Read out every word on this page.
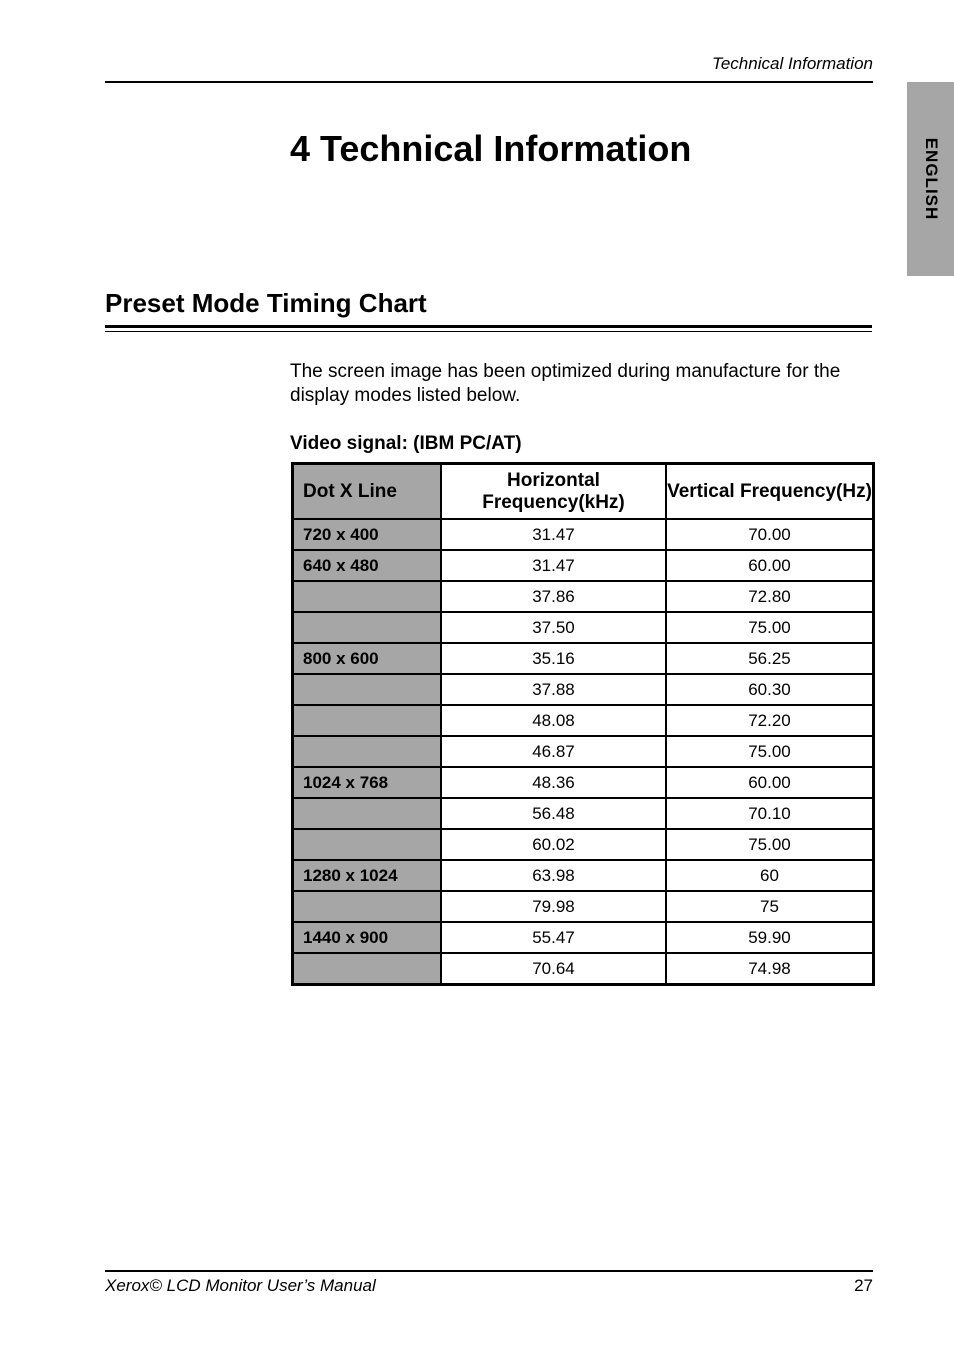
Technical Information
ENGLISH
4 Technical Information
Preset Mode Timing Chart

The screen image has been optimized during manufacture for the display modes listed below.

Video signal: (IBM PC/AT)

Dot X Line	Horizontal Frequency(kHz)	Vertical Frequency(Hz)
720 x 400	31.47	70.00
640 x 480	31.47	60.00
	37.86	72.80
	37.50	75.00
800 x 600	35.16	56.25
	37.88	60.30
	48.08	72.20
	46.87	75.00
1024 x 768	48.36	60.00
	56.48	70.10
	60.02	75.00
1280 x 1024	63.98	60
	79.98	75
1440 x 900	55.47	59.90
	70.64	74.98
Xerox© LCD Monitor User’s Manual	27
